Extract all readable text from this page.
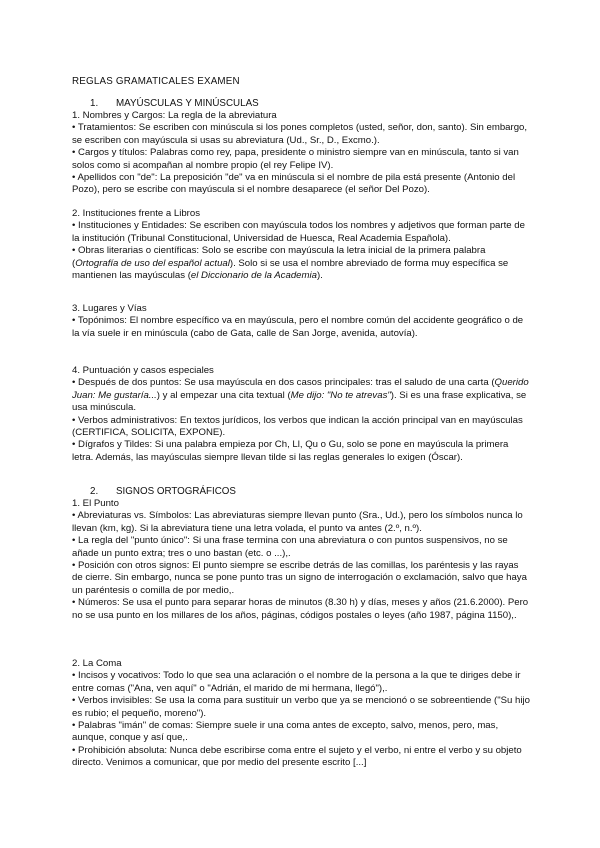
REGLAS GRAMATICALES EXAMEN
1. MAYÚSCULAS Y MINÚSCULAS
1. Nombres y Cargos: La regla de la abreviatura

• Tratamientos: Se escriben con minúscula si los pones completos (usted, señor, don, santo). Sin embargo, se escriben con mayúscula si usas su abreviatura (Ud., Sr., D., Excmo.).

• Cargos y títulos: Palabras como rey, papa, presidente o ministro siempre van en minúscula, tanto si van solos como si acompañan al nombre propio (el rey Felipe IV).

• Apellidos con "de": La preposición "de" va en minúscula si el nombre de pila está presente (Antonio del Pozo), pero se escribe con mayúscula si el nombre desaparece (el señor Del Pozo).

2. Instituciones frente a Libros

• Instituciones y Entidades: Se escriben con mayúscula todos los nombres y adjetivos que forman parte de la institución (Tribunal Constitucional, Universidad de Huesca, Real Academia Española).

• Obras literarias o científicas: Solo se escribe con mayúscula la letra inicial de la primera palabra (Ortografía de uso del español actual). Solo si se usa el nombre abreviado de forma muy específica se mantienen las mayúsculas (el Diccionario de la Academia).

3. Lugares y Vías

• Topónimos: El nombre específico va en mayúscula, pero el nombre común del accidente geográfico o de la vía suele ir en minúscula (cabo de Gata, calle de San Jorge, avenida, autovía).

4. Puntuación y casos especiales

• Después de dos puntos: Se usa mayúscula en dos casos principales: tras el saludo de una carta (Querido Juan: Me gustaría...) y al empezar una cita textual (Me dijo: "No te atrevas"). Si es una frase explicativa, se usa minúscula.

• Verbos administrativos: En textos jurídicos, los verbos que indican la acción principal van en mayúsculas (CERTIFICA, SOLICITA, EXPONE).

• Dígrafos y Tildes: Si una palabra empieza por Ch, Ll, Qu o Gu, solo se pone en mayúscula la primera letra. Además, las mayúsculas siempre llevan tilde si las reglas generales lo exigen (Óscar).

2. SIGNOS ORTOGRÁFICOS
1. El Punto

• Abreviaturas vs. Símbolos: Las abreviaturas siempre llevan punto (Sra., Ud.), pero los símbolos nunca lo llevan (km, kg). Si la abreviatura tiene una letra volada, el punto va antes (2.º, n.º).

• La regla del "punto único": Si una frase termina con una abreviatura o con puntos suspensivos, no se añade un punto extra; tres o uno bastan (etc. o ...),.

• Posición con otros signos: El punto siempre se escribe detrás de las comillas, los paréntesis y las rayas de cierre. Sin embargo, nunca se pone punto tras un signo de interrogación o exclamación, salvo que haya un paréntesis o comilla de por medio,.

• Números: Se usa el punto para separar horas de minutos (8.30 h) y días, meses y años (21.6.2000). Pero no se usa punto en los millares de los años, páginas, códigos postales o leyes (año 1987, página 1150),.

2. La Coma

• Incisos y vocativos: Todo lo que sea una aclaración o el nombre de la persona a la que te diriges debe ir entre comas ("Ana, ven aquí" o "Adrián, el marido de mi hermana, llegó"),.

• Verbos invisibles: Se usa la coma para sustituir un verbo que ya se mencionó o se sobreentiende ("Su hijo es rubio; el pequeño, moreno").

• Palabras "imán" de comas: Siempre suele ir una coma antes de excepto, salvo, menos, pero, mas, aunque, conque y así que,.

• Prohibición absoluta: Nunca debe escribirse coma entre el sujeto y el verbo, ni entre el verbo y su objeto directo. Venimos a comunicar, que por medio del presente escrito [...]
